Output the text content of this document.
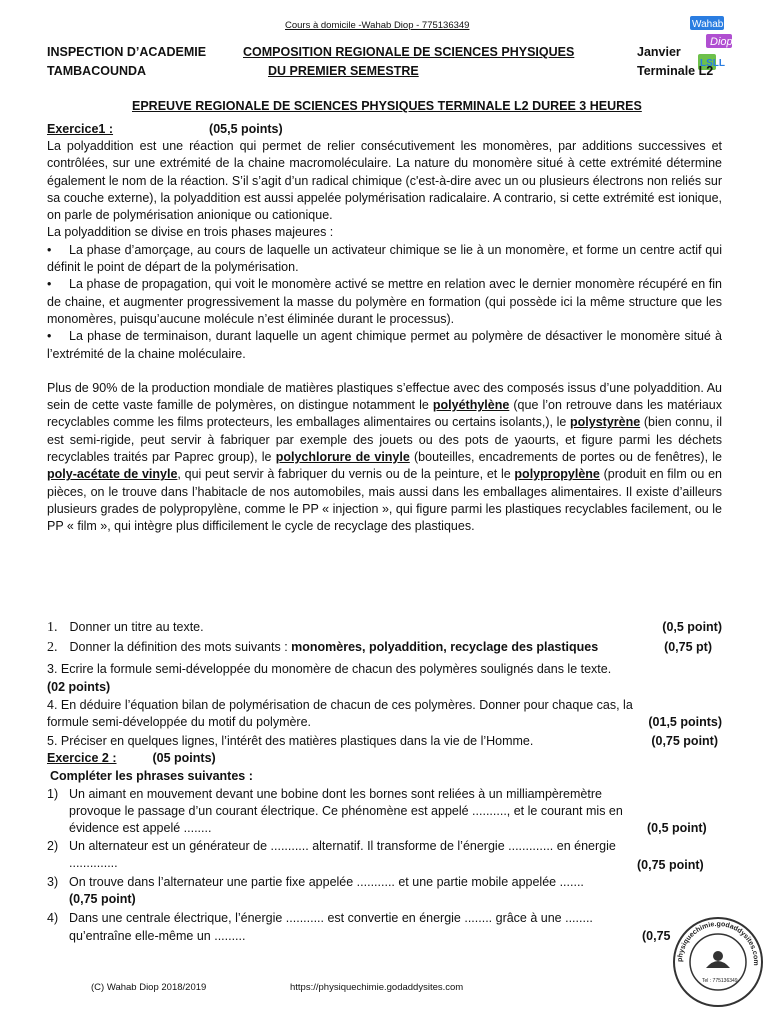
Cours à domicile -Wahab Diop - 775136349	Wahab
Diop
LSLL
INSPECTION D’ACADEMIE
TAMBACOUNDA
COMPOSITION REGIONALE DE SCIENCES PHYSIQUES
DU PREMIER SEMESTRE
Janvier
Terminale L2
EPREUVE REGIONALE DE SCIENCES PHYSIQUES TERMINALE L2 DUREE 3 HEURES
Exercice1 :	(05,5 points)

La polyaddition est une réaction qui permet de relier consécutivement les monomères, par additions successives et contrôlées, sur une extrémité de la chaine macromoléculaire. La nature du monomère situé à cette extrémité détermine également le nom de la réaction. S’il s’agit d’un radical chimique (c'est-à-dire avec un ou plusieurs électrons non reliés sur sa couche externe), la polyaddition est aussi appelée polymérisation radicalaire. A contrario, si cette extrémité est ionique, on parle de polymérisation anionique ou cationique.

La polyaddition se divise en trois phases majeures :

• La phase d’amorçage, au cours de laquelle un activateur chimique se lie à un monomère, et forme un centre actif qui définit le point de départ de la polymérisation.

• La phase de propagation, qui voit le monomère activé se mettre en relation avec le dernier monomère récupéré en fin de chaine, et augmenter progressivement la masse du polymère en formation (qui possède ici la même structure que les monomères, puisqu’aucune molécule n’est éliminée durant le processus).

• La phase de terminaison, durant laquelle un agent chimique permet au polymère de désactiver le monomère situé à l’extrémité de la chaine moléculaire.

Plus de 90% de la production mondiale de matières plastiques s’effectue avec des composés issus d’une polyaddition. Au sein de cette vaste famille de polymères, on distingue notamment le polyéthylène (que l’on retrouve dans les matériaux recyclables comme les films protecteurs, les emballages alimentaires ou certains isolants,), le polystyrène (bien connu, il est semi-rigide, peut servir à fabriquer par exemple des jouets ou des pots de yaourts, et figure parmi les déchets recyclables traités par Paprec group), le polychlorure de vinyle (bouteilles, encadrements de portes ou de fenêtres), le poly-acétate de vinyle, qui peut servir à fabriquer du vernis ou de la peinture, et le polypropylène (produit en film ou en pièces, on le trouve dans l’habitacle de nos automobiles, mais aussi dans les emballages alimentaires. Il existe d’ailleurs plusieurs grades de polypropylène, comme le PP « injection », qui figure parmi les plastiques recyclables facilement, ou le PP « film », qui intègre plus difficilement le cycle de recyclage des plastiques.

1. Donner un titre au texte.	(0,5 point)
2. Donner la définition des mots suivants : monomères, polyaddition, recyclage des plastiques	(0,75 pt)
3. Ecrire la formule semi-développée du monomère de chacun des polymères soulignés dans le texte.
(02 points)
4. En déduire l’équation bilan de polymérisation de chacun de ces polymères. Donner pour chaque cas, la
formule semi-développée du motif du polymère.	(01,5 points)
5. Préciser en quelques lignes, l’intérêt des matières plastiques dans la vie de l’Homme.	(0,75 point)
Exercice 2 :	(05 points)
Compléter les phrases suivantes :
1) Un aimant en mouvement devant une bobine dont les bornes sont reliées à un milliampèremètre
provoque le passage d’un courant électrique. Ce phénomène est appelé .........., et le courant mis en
évidence est appelé ........	(0,5 point)
2) Un alternateur est un générateur de ........... alternatif. Il transforme de l’énergie ............. en énergie
..............	(0,75 point)
3) On trouve dans l’alternateur une partie fixe appelée ........... et une partie mobile appelée .......
(0,75 point)
4) Dans une centrale électrique, l’énergie ........... est convertie en énergie ........ grâce à une ........
qu’entraîne elle-même un .........	(0,75
physiquechimie.godaddysites.com
Tel : 775136349
(C) Wahab Diop 2018/2019	https://physiquechimie.godaddysites.com
